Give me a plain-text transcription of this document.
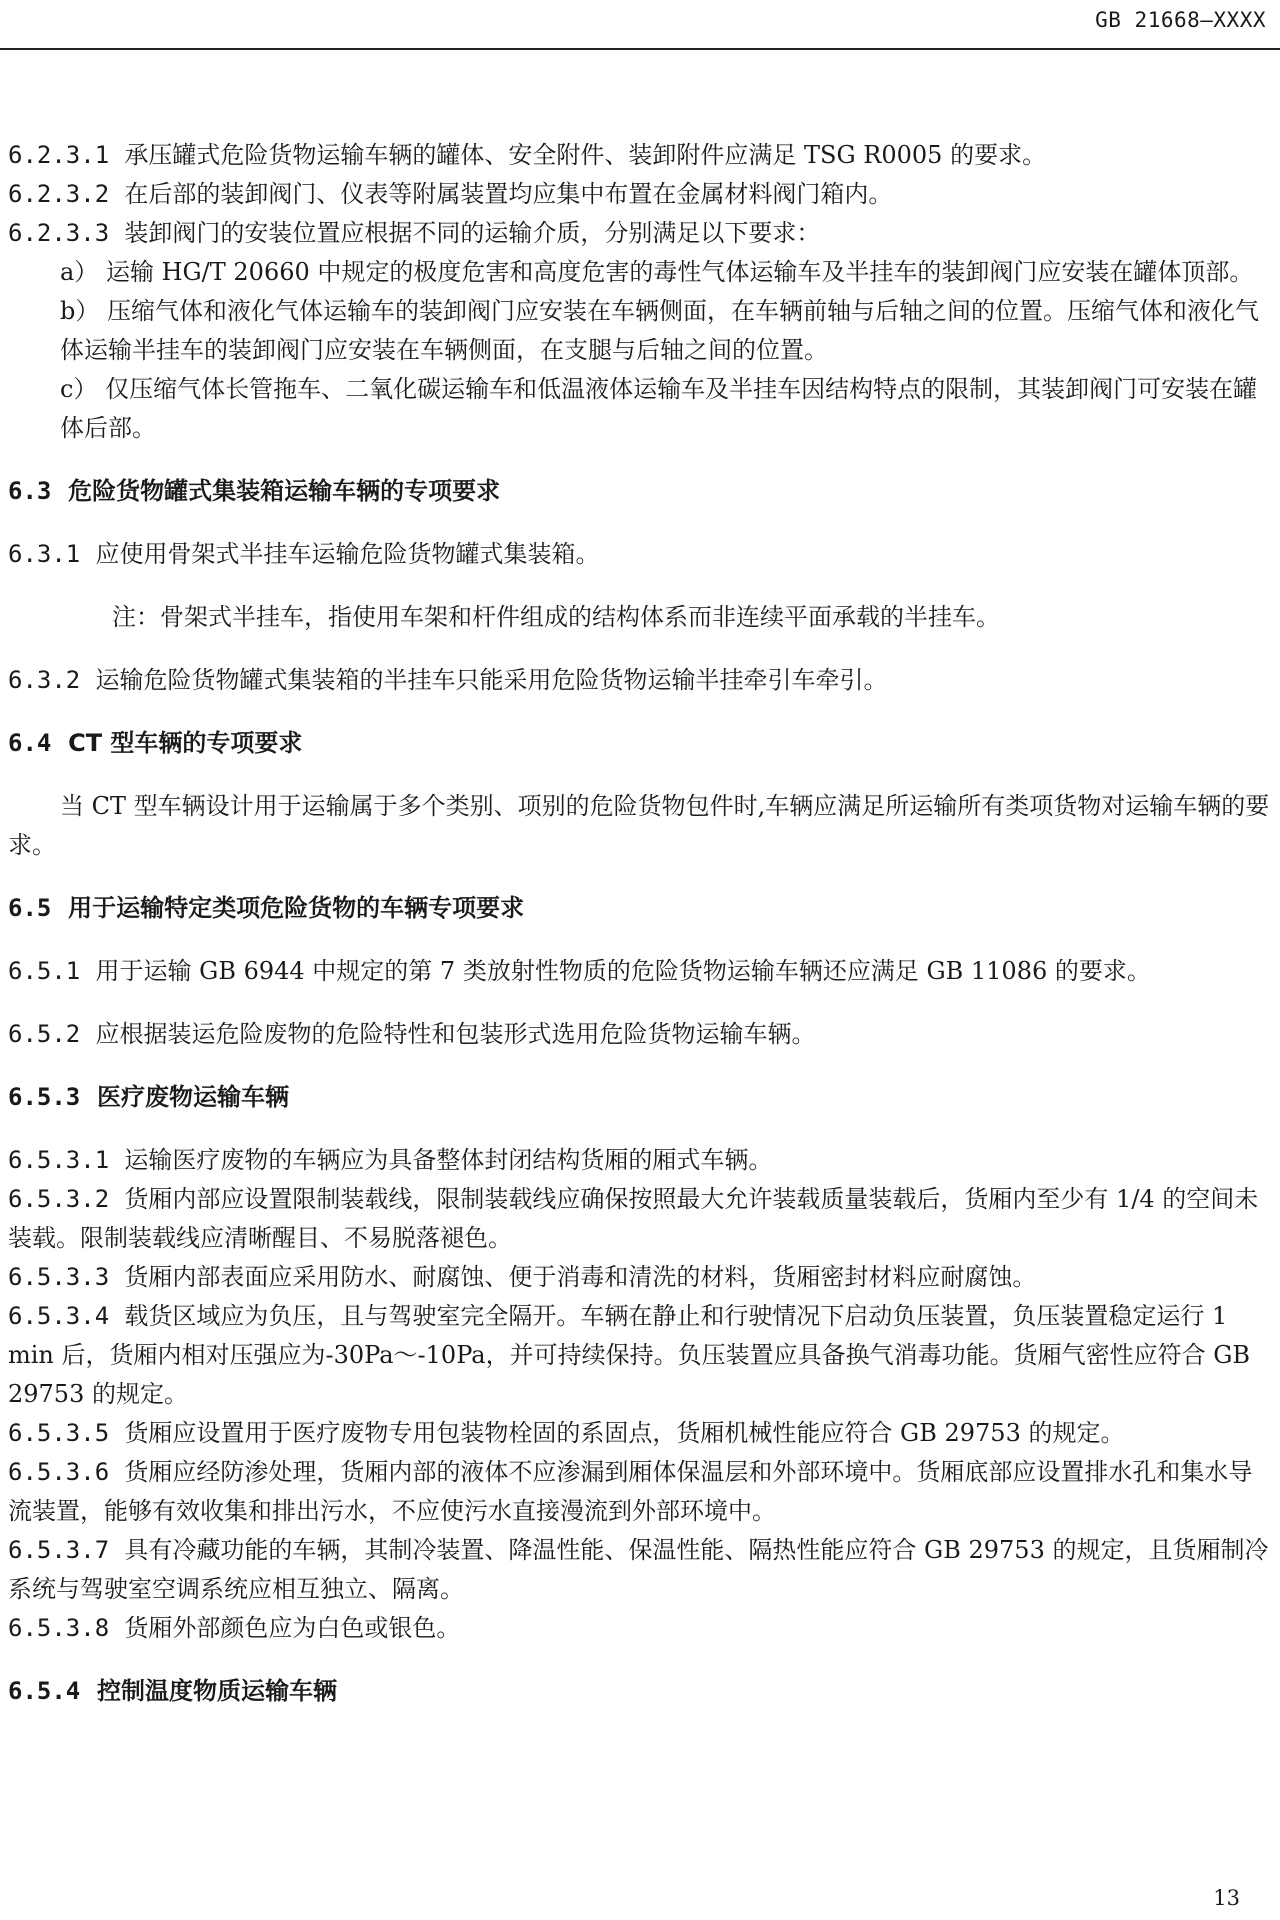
GB 21668—XXXX
6.2.3.1 承压罐式危险货物运输车辆的罐体、安全附件、装卸附件应满足 TSG R0005 的要求。
6.2.3.2 在后部的装卸阀门、仪表等附属装置均应集中布置在金属材料阀门箱内。
6.2.3.3 装卸阀门的安装位置应根据不同的运输介质，分别满足以下要求：
a） 运输 HG/T 20660 中规定的极度危害和高度危害的毒性气体运输车及半挂车的装卸阀门应安装在罐体顶部。
b） 压缩气体和液化气体运输车的装卸阀门应安装在车辆侧面，在车辆前轴与后轴之间的位置。压缩气体和液化气体运输半挂车的装卸阀门应安装在车辆侧面，在支腿与后轴之间的位置。
c） 仅压缩气体长管拖车、二氧化碳运输车和低温液体运输车及半挂车因结构特点的限制，其装卸阀门可安装在罐体后部。
6.3 危险货物罐式集装箱运输车辆的专项要求
6.3.1 应使用骨架式半挂车运输危险货物罐式集装箱。
注：骨架式半挂车，指使用车架和杆件组成的结构体系而非连续平面承载的半挂车。
6.3.2 运输危险货物罐式集装箱的半挂车只能采用危险货物运输半挂牵引车牵引。
6.4 CT 型车辆的专项要求
当 CT 型车辆设计用于运输属于多个类别、项别的危险货物包件时,车辆应满足所运输所有类项货物对运输车辆的要求。
6.5 用于运输特定类项危险货物的车辆专项要求
6.5.1 用于运输 GB 6944 中规定的第 7 类放射性物质的危险货物运输车辆还应满足 GB 11086 的要求。
6.5.2 应根据装运危险废物的危险特性和包装形式选用危险货物运输车辆。
6.5.3 医疗废物运输车辆
6.5.3.1 运输医疗废物的车辆应为具备整体封闭结构货厢的厢式车辆。
6.5.3.2 货厢内部应设置限制装载线，限制装载线应确保按照最大允许装载质量装载后，货厢内至少有 1/4 的空间未装载。限制装载线应清晰醒目、不易脱落褪色。
6.5.3.3 货厢内部表面应采用防水、耐腐蚀、便于消毒和清洗的材料，货厢密封材料应耐腐蚀。
6.5.3.4 载货区域应为负压，且与驾驶室完全隔开。车辆在静止和行驶情况下启动负压装置，负压装置稳定运行 1 min 后，货厢内相对压强应为-30Pa～-10Pa，并可持续保持。负压装置应具备换气消毒功能。货厢气密性应符合 GB 29753 的规定。
6.5.3.5 货厢应设置用于医疗废物专用包装物栓固的系固点，货厢机械性能应符合 GB 29753 的规定。
6.5.3.6 货厢应经防渗处理，货厢内部的液体不应渗漏到厢体保温层和外部环境中。货厢底部应设置排水孔和集水导流装置，能够有效收集和排出污水，不应使污水直接漫流到外部环境中。
6.5.3.7 具有冷藏功能的车辆，其制冷装置、降温性能、保温性能、隔热性能应符合 GB 29753 的规定，且货厢制冷系统与驾驶室空调系统应相互独立、隔离。
6.5.3.8 货厢外部颜色应为白色或银色。
6.5.4 控制温度物质运输车辆
13
